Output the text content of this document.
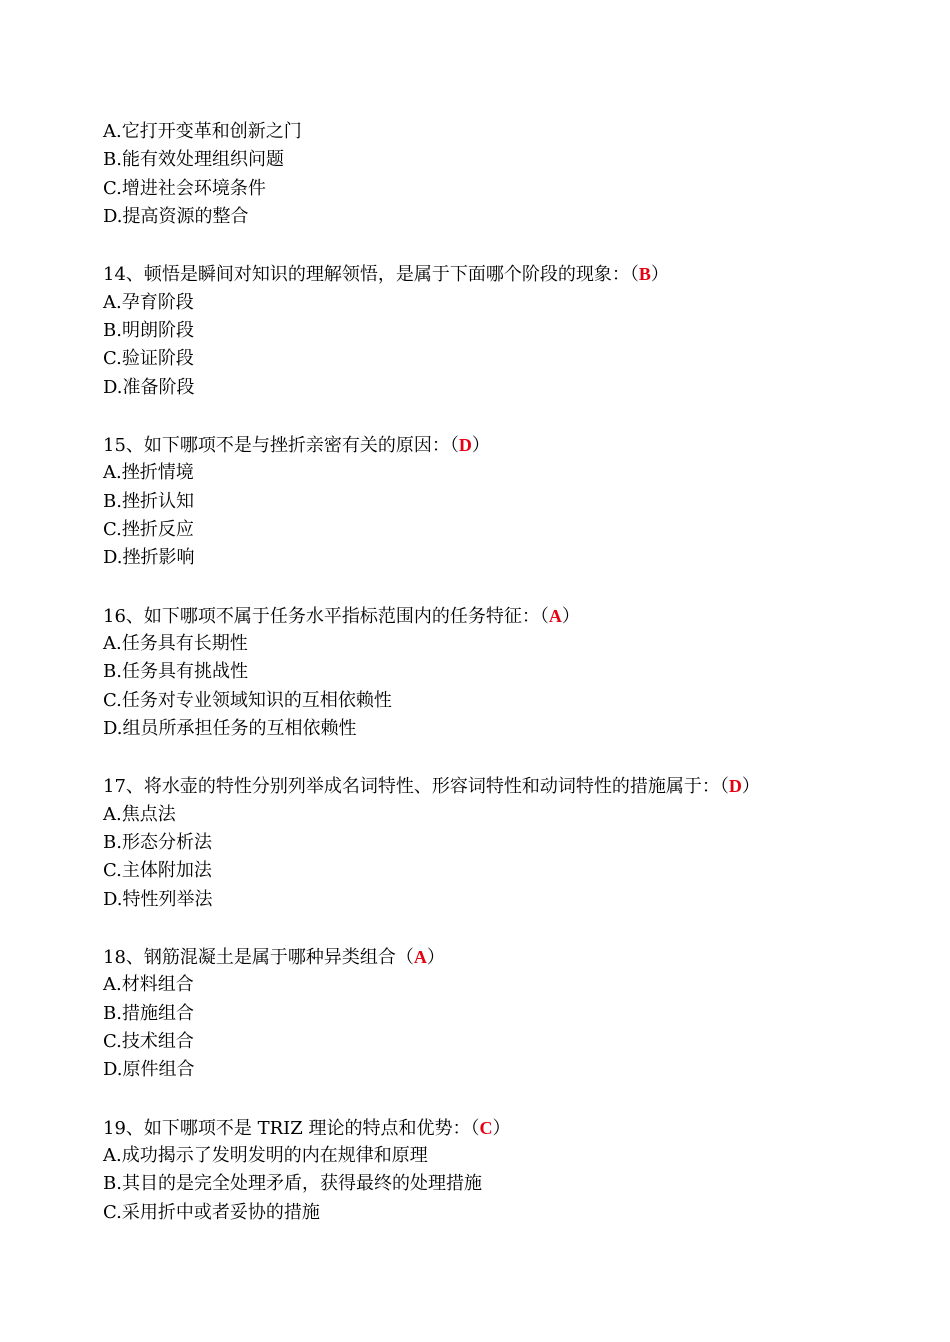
A.它打开变革和创新之门
B.能有效处理组织问题
C.增进社会环境条件
D.提高资源的整合
14、顿悟是瞬间对知识的理解领悟，是属于下面哪个阶段的现象：（B）
A.孕育阶段
B.明朗阶段
C.验证阶段
D.准备阶段
15、如下哪项不是与挫折亲密有关的原因：（D）
A.挫折情境
B.挫折认知
C.挫折反应
D.挫折影响
16、如下哪项不属于任务水平指标范围内的任务特征：（A）
A.任务具有长期性
B.任务具有挑战性
C.任务对专业领域知识的互相依赖性
D.组员所承担任务的互相依赖性
17、将水壶的特性分别列举成名词特性、形容词特性和动词特性的措施属于：（D）
A.焦点法
B.形态分析法
C.主体附加法
D.特性列举法
18、钢筋混凝土是属于哪种异类组合（A）
A.材料组合
B.措施组合
C.技术组合
D.原件组合
19、如下哪项不是 TRIZ 理论的特点和优势：（C）
A.成功揭示了发明发明的内在规律和原理
B.其目的是完全处理矛盾，获得最终的处理措施
C.采用折中或者妥协的措施
